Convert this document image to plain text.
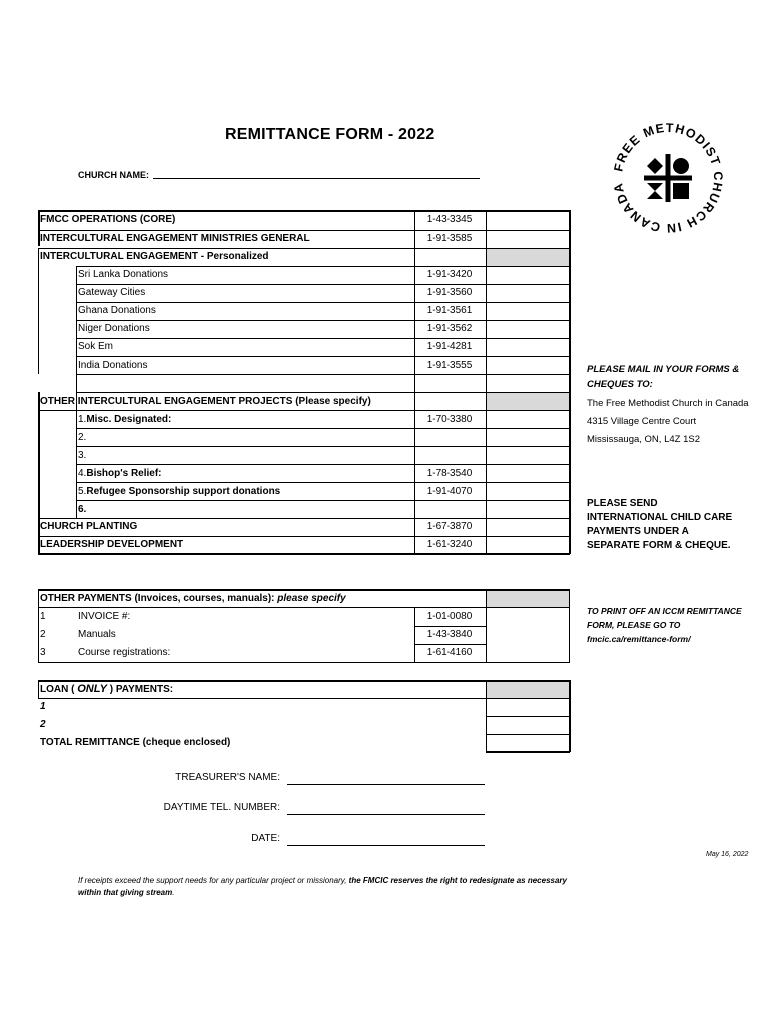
REMITTANCE FORM - 2022
CHURCH NAME:
FREE METHODIST CHURCH IN CANADA
FMCC OPERATIONS (CORE)	1-43-3345
INTERCULTURAL ENGAGEMENT MINISTRIES GENERAL	1-91-3585
INTERCULTURAL ENGAGEMENT - Personalized
Sri Lanka Donations	1-91-3420
Gateway Cities	1-91-3560
Ghana Donations	1-91-3561
Niger Donations	1-91-3562
Sok Em	1-91-4281
India Donations	1-91-3555
OTHER INTERCULTURAL ENGAGEMENT PROJECTS (Please specify)
1.Misc. Designated:	1-70-3380
2.
3.
4.Bishop's Relief:	1-78-3540
5.Refugee Sponsorship support donations	1-91-4070
6.
CHURCH PLANTING	1-67-3870
LEADERSHIP DEVELOPMENT	1-61-3240
OTHER PAYMENTS (Invoices, courses, manuals): please specify
1	INVOICE #:	1-01-0080
2	Manuals	1-43-3840
3	Course registrations:	1-61-4160
LOAN ( ONLY ) PAYMENTS:
1
2
TOTAL REMITTANCE (cheque enclosed)
PLEASE MAIL IN YOUR FORMS &
CHEQUES TO:
The Free Methodist Church in Canada
4315 Village Centre Court
Mississauga, ON, L4Z 1S2
PLEASE SEND
INTERNATIONAL CHILD CARE
PAYMENTS UNDER A
SEPARATE FORM & CHEQUE.
TO PRINT OFF AN ICCM REMITTANCE
FORM, PLEASE GO TO
fmcic.ca/remittance-form/
TREASURER'S NAME:
DAYTIME TEL. NUMBER:
DATE:
May 16, 2022
If receipts exceed the support needs for any particular project or missionary, the FMCIC reserves the right to redesignate as necessary within that giving stream.
